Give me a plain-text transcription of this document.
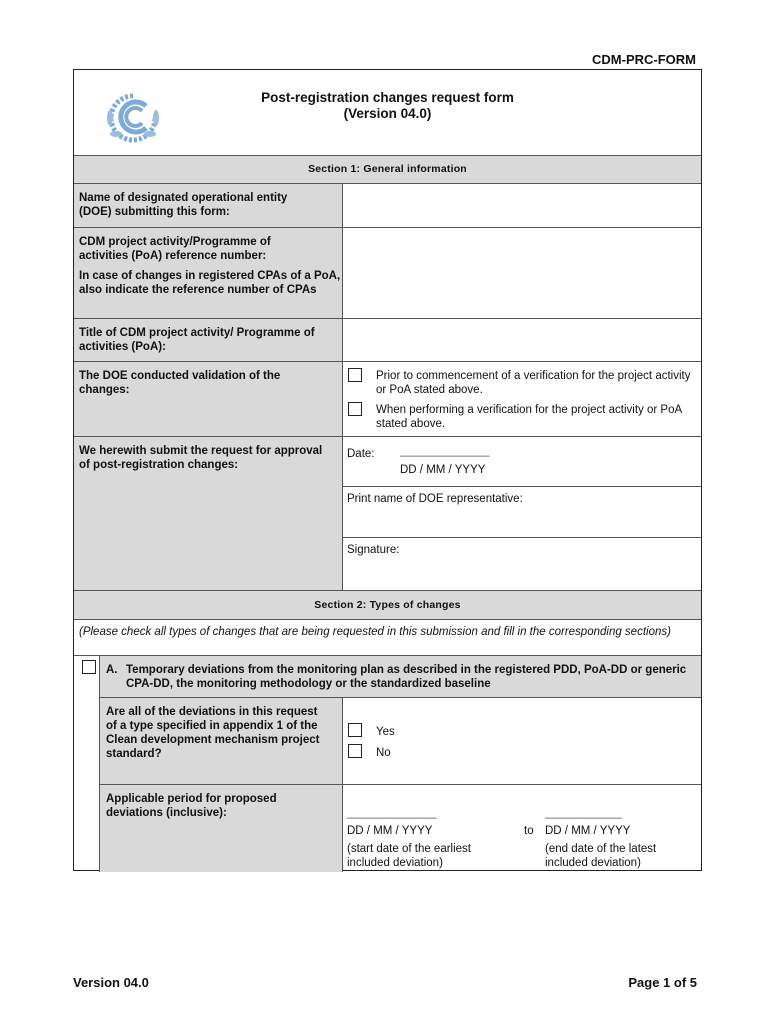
CDM-PRC-FORM
Post-registration changes request form
(Version 04.0)
Section 1: General information
Name of designated operational entity (DOE) submitting this form:
CDM project activity/Programme of activities (PoA) reference number:
In case of changes in registered CPAs of a PoA, also indicate the reference number of CPAs
Title of CDM project activity/ Programme of activities (PoA):
The DOE conducted validation of the changes:
Prior to commencement of a verification for the project activity or PoA stated above.
When performing a verification for the project activity or PoA stated above.
We herewith submit the request for approval of post-registration changes:
Date: ______________
DD / MM / YYYY
Print name of DOE representative:
Signature:
Section 2: Types of changes
(Please check all types of changes that are being requested in this submission and fill in the corresponding sections)
A. Temporary deviations from the monitoring plan as described in the registered PDD, PoA-DD or generic CPA-DD, the monitoring methodology or the standardized baseline
Are all of the deviations in this request of a type specified in appendix 1 of the Clean development mechanism project standard?
Yes
No
Applicable period for proposed deviations (inclusive):	______________
DD / MM / YYYY
(start date of the earliest included deviation)
to
____________
DD / MM / YYYY
(end date of the latest included deviation)
Version 04.0	Page 1 of 5
